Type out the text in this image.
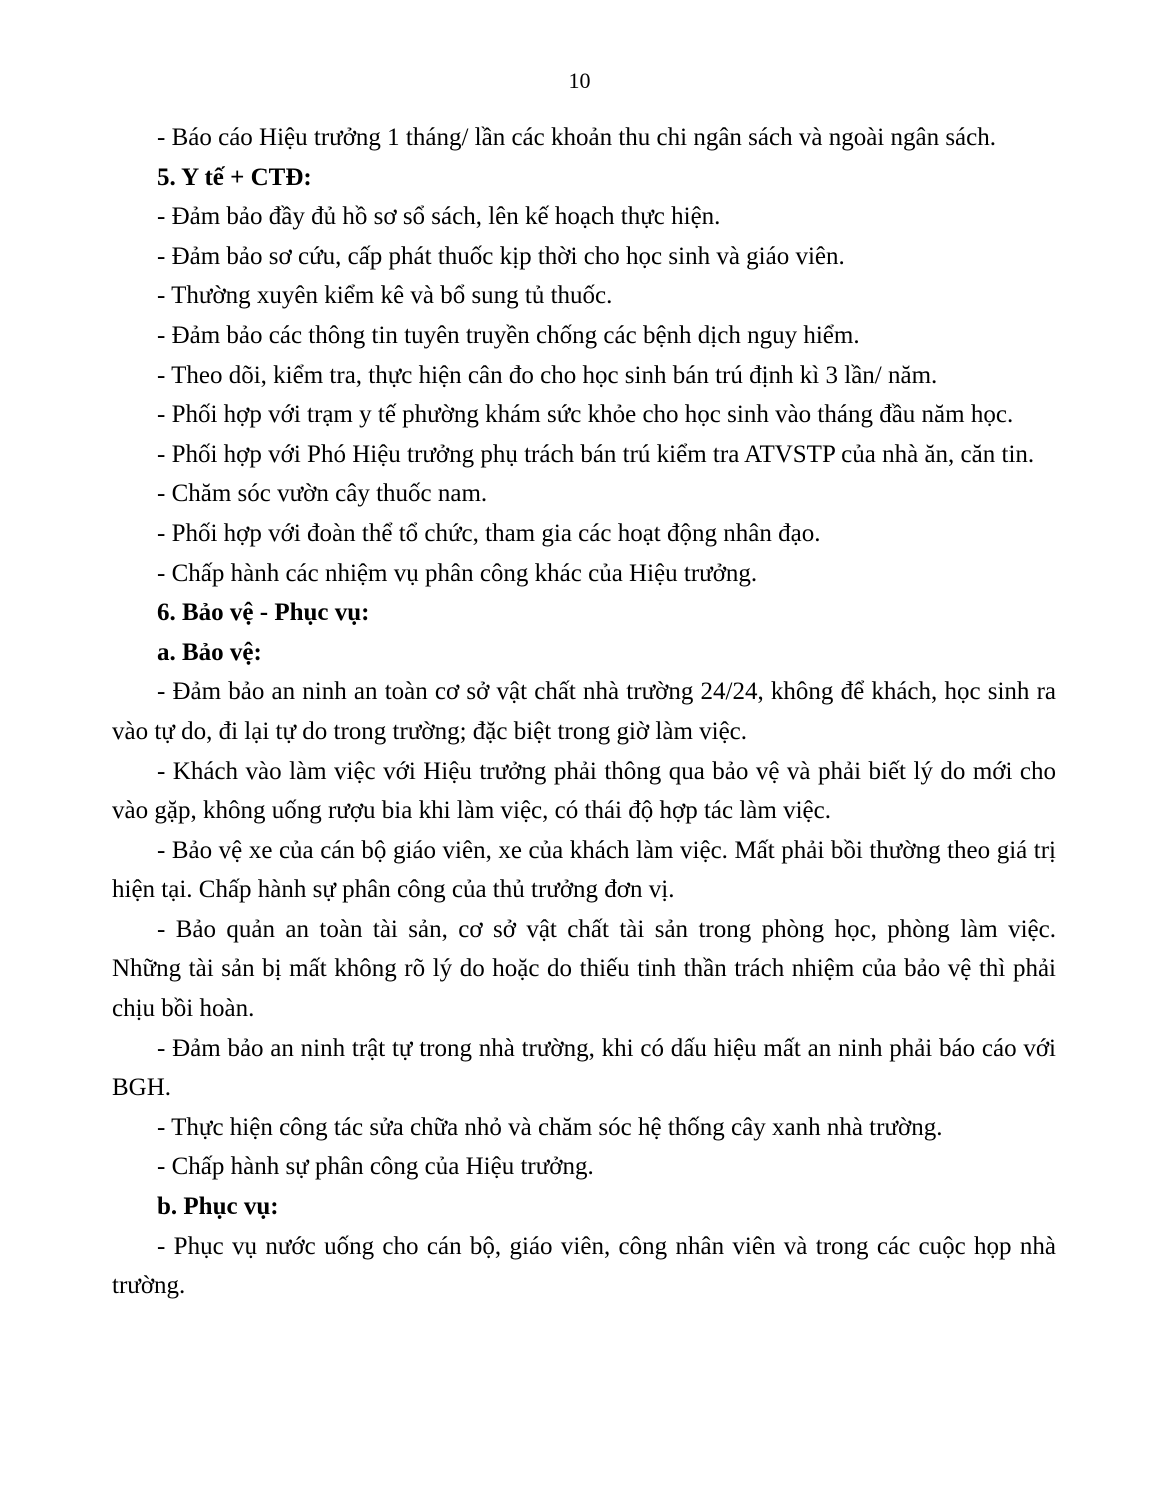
10

- Báo cáo Hiệu trưởng 1 tháng/ lần các khoản thu chi ngân sách và ngoài ngân sách.

5. Y tế + CTĐ:

- Đảm bảo đầy đủ hồ sơ sổ sách, lên kế hoạch thực hiện.

- Đảm bảo sơ cứu, cấp phát thuốc kịp thời cho học sinh và giáo viên.

- Thường xuyên kiểm kê và bổ sung tủ thuốc.

- Đảm bảo các thông tin tuyên truyền chống các bệnh dịch nguy hiểm.

- Theo dõi, kiểm tra, thực hiện cân đo cho học sinh bán trú định kì 3 lần/ năm.

- Phối hợp với trạm y tế phường khám sức khỏe cho học sinh vào tháng đầu năm học.

- Phối hợp với Phó Hiệu trưởng phụ trách bán trú kiểm tra ATVSTP của nhà ăn, căn tin.

- Chăm sóc vườn cây thuốc nam.

- Phối hợp với đoàn thể tổ chức, tham gia các hoạt động nhân đạo.

- Chấp hành các nhiệm vụ phân công khác của Hiệu trưởng.

6. Bảo vệ - Phục vụ:

a. Bảo vệ:

- Đảm bảo an ninh an toàn cơ sở vật chất nhà trường 24/24, không để khách, học sinh ra vào tự do, đi lại tự do trong trường; đặc biệt trong giờ làm việc.

- Khách vào làm việc với Hiệu trưởng phải thông qua bảo vệ và phải biết lý do mới cho vào gặp, không uống rượu bia khi làm việc, có thái độ hợp tác làm việc.

- Bảo vệ xe của cán bộ giáo viên, xe của khách làm việc. Mất phải bồi thường theo giá trị hiện tại. Chấp hành sự phân công của thủ trưởng đơn vị.

- Bảo quản an toàn tài sản, cơ sở vật chất tài sản trong phòng học, phòng làm việc. Những tài sản bị mất không rõ lý do hoặc do thiếu tinh thần trách nhiệm của bảo vệ thì phải chịu bồi hoàn.

- Đảm bảo an ninh trật tự trong nhà trường, khi có dấu hiệu mất an ninh phải báo cáo với BGH.

- Thực hiện công tác sửa chữa nhỏ và chăm sóc hệ thống cây xanh nhà trường.

- Chấp hành sự phân công của Hiệu trưởng.

b. Phục vụ:

- Phục vụ nước uống cho cán bộ, giáo viên, công nhân viên và trong các cuộc họp nhà trường.
